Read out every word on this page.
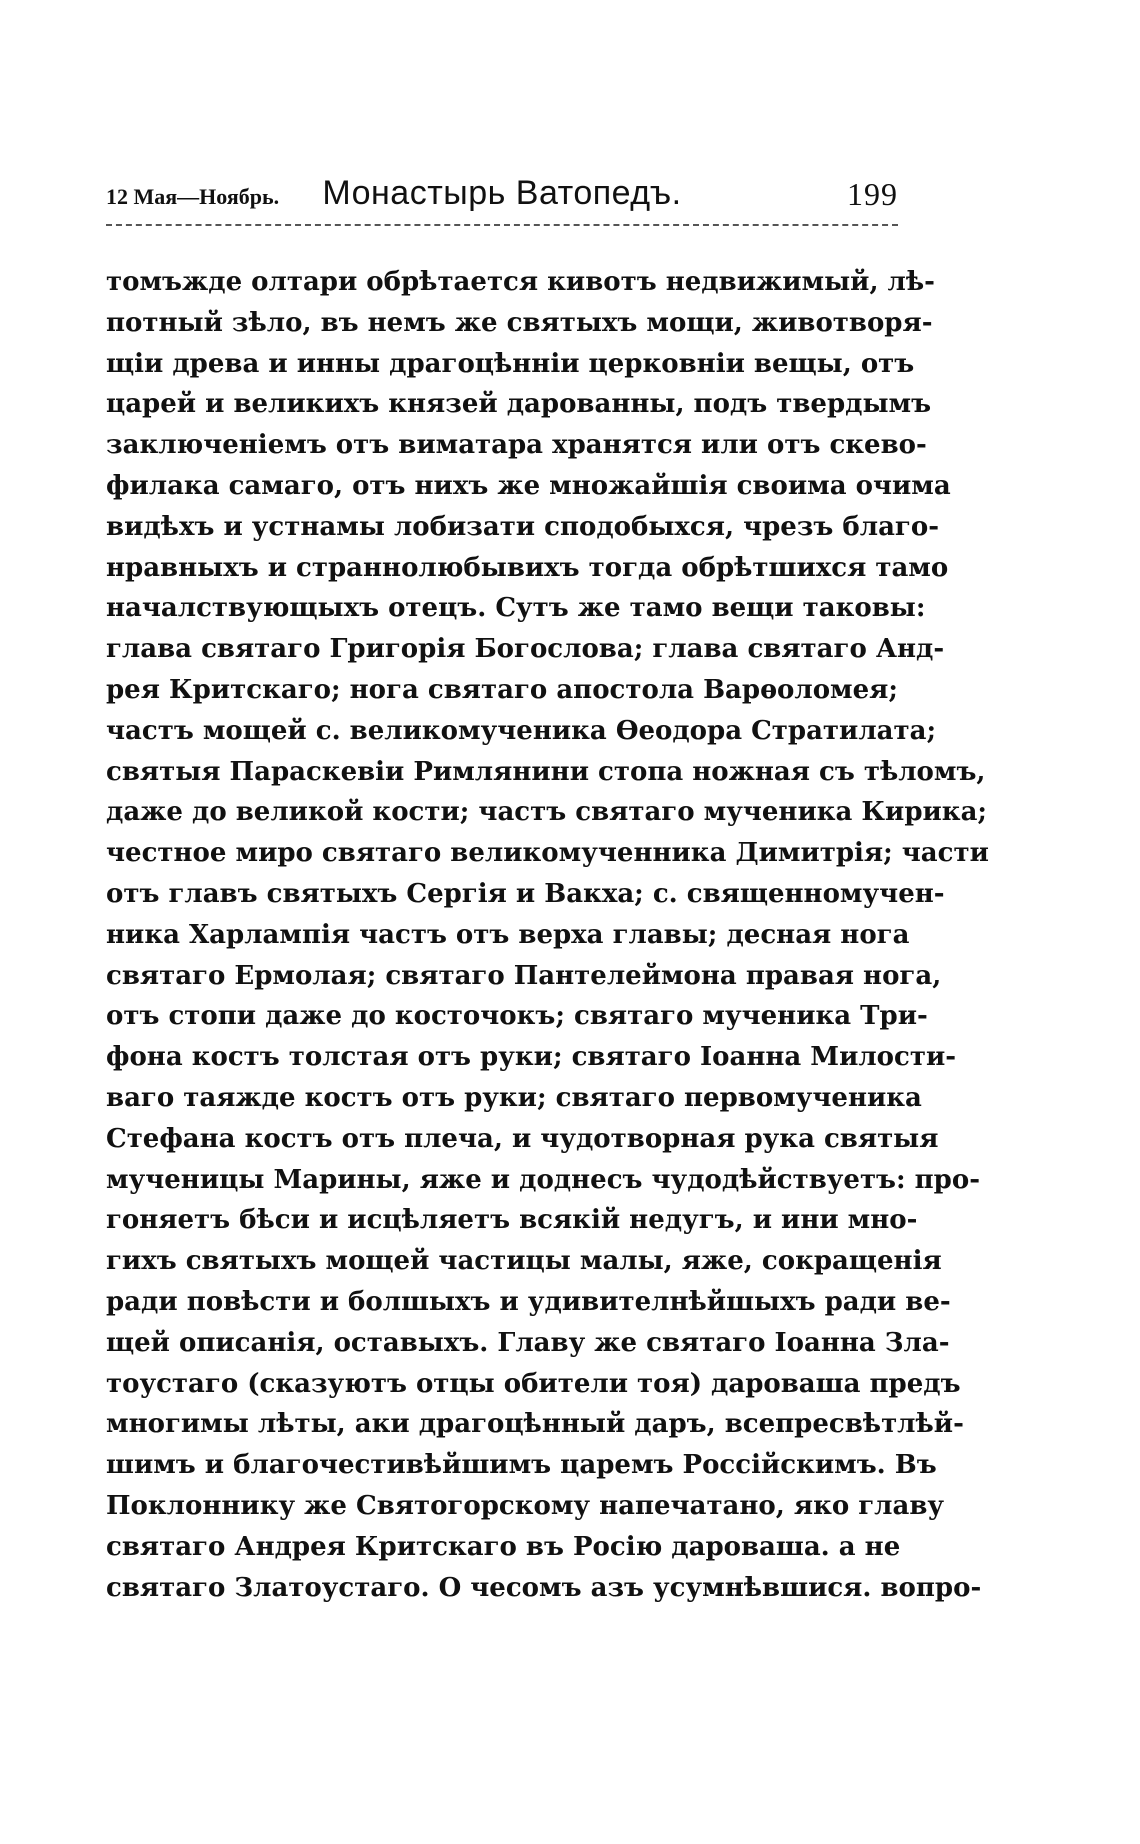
12 Мая—Ноябрь.	Монастырь Ватопедъ.	199
томъжде олтари обрѣтается кивотъ недвижимый, лѣ-
потный зѣло, въ немъ же святыхъ мощи, животворя-
щіи древа и инны драгоцѣнніи церковніи вещы, отъ
царей и великихъ князей дарованны, подъ твердымъ
заключеніемъ отъ виматара хранятся или отъ скево-
филака самаго, отъ нихъ же множайшія своима очима
видѣхъ и устнамы лобизати сподобыхся, чрезъ благо-
нравныхъ и страннолюбывихъ тогда обрѣтшихся тамо
началствующыхъ отецъ. Сутъ же тамо вещи таковы:
глава святаго Григорія Богослова; глава святаго Анд-
рея Критскаго; нога святаго апостола Варѳоломея;
частъ мощей с. великомученика Ѳеодора Стратилата;
святыя Параскевіи Римлянини стопа ножная съ тѣломъ,
даже до великой кости; частъ святаго мученика Кирика;
честное миро святаго великомученника Димитрія; части
отъ главъ святыхъ Сергія и Вакха; с. священномучен-
ника Харлампія частъ отъ верха главы; десная нога
святаго Ермолая; святаго Пантелеймона правая нога,
отъ стопи даже до косточокъ; святаго мученика Три-
фона костъ толстая отъ руки; святаго Іоанна Милости-
ваго таяжде костъ отъ руки; святаго первомученика
Стефана костъ отъ плеча, и чудотворная рука святыя
мученицы Марины, яже и доднесъ чудодѣйствуетъ: про-
гоняетъ бѣси и исцѣляетъ всякій недугъ, и ини мно-
гихъ святыхъ мощей частицы малы, яже, сокращенія
ради повѣсти и болшыхъ и удивителнѣйшыхъ ради ве-
щей описанія, оставыхъ. Главу же святаго Іоанна Зла-
тоустаго (сказуютъ отцы обители тоя) дароваша предъ
многимы лѣты, аки драгоцѣнный даръ, всепресвѣтлѣй-
шимъ и благочестивѣйшимъ царемъ Россійскимъ. Въ
Поклоннику же Святогорскому напечатано, яко главу
святаго Андрея Критскаго въ Росію дароваша. а не
святаго Златоустаго. О чесомъ азъ усумнѣвшися. вопро-
